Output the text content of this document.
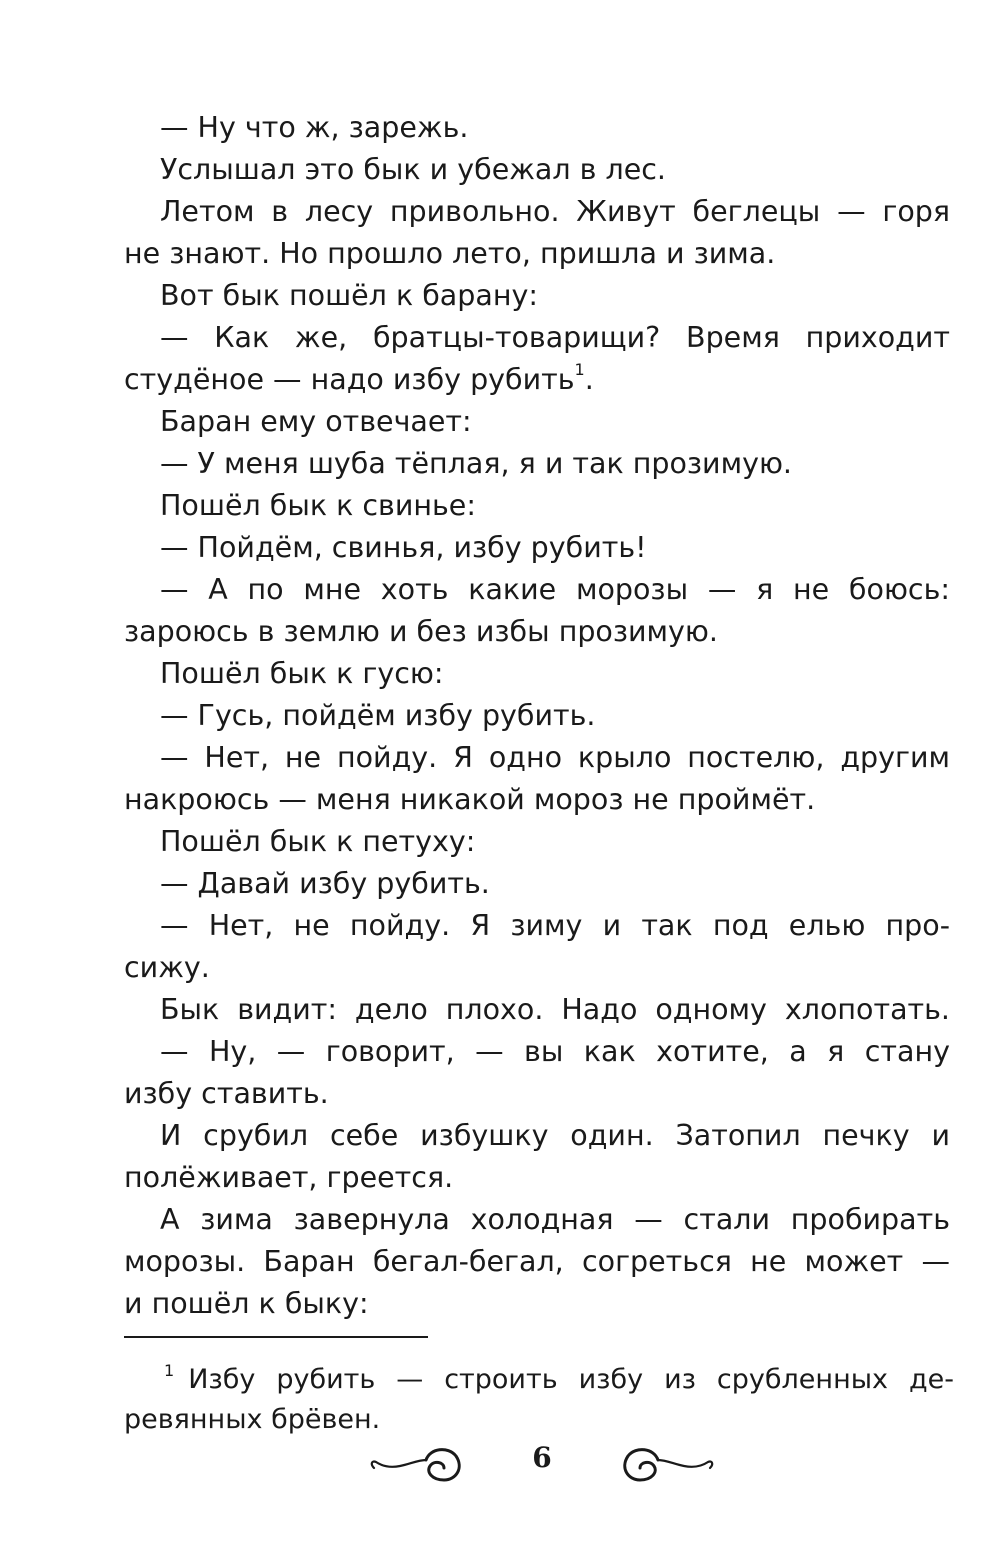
— Ну что ж, зарежь.
Услышал это бык и убежал в лес.
Летом в лесу привольно. Живут беглецы — горя
не знают. Но прошло лето, пришла и зима.
Вот бык пошёл к барану:
— Как же, братцы-товарищи? Время приходит
студёное — надо избу рубить$^1$.
Баран ему отвечает:
— У меня шуба тёплая, я и так прозимую.
Пошёл бык к свинье:
— Пойдём, свинья, избу рубить!
— А по мне хоть какие морозы — я не боюсь:
зароюсь в землю и без избы прозимую.
Пошёл бык к гусю:
— Гусь, пойдём избу рубить.
— Нет, не пойду. Я одно крыло постелю, другим
накроюсь — меня никакой мороз не проймёт.
Пошёл бык к петуху:
— Давай избу рубить.
— Нет, не пойду. Я зиму и так под елью про-
сижу.
Бык видит: дело плохо. Надо одному хлопотать.
— Ну, — говорит, — вы как хотите, а я стану
избу ставить.
И срубил себе избушку один. Затопил печку и
полёживает, греется.
А зима завернула холодная — стали пробирать
морозы. Баран бегал-бегал, согреться не может —
и пошёл к быку:
$^1$ Избу рубить — строить избу из срубленных де-
ревянных брёвен.
6
